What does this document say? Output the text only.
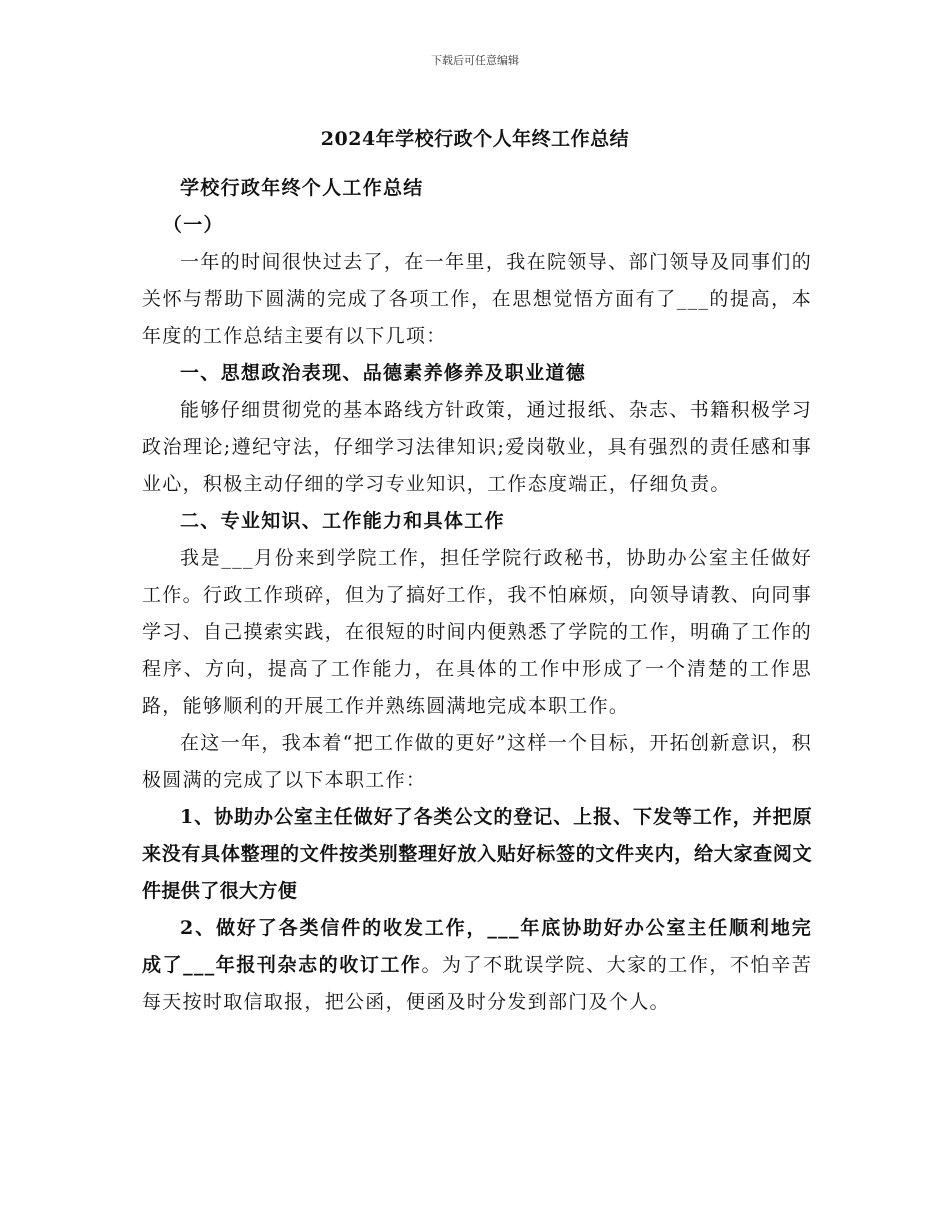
下载后可任意编辑
2024年学校行政个人年终工作总结

学校行政年终个人工作总结

（一）

一年的时间很快过去了，在一年里，我在院领导、部门领导及同事们的关怀与帮助下圆满的完成了各项工作，在思想觉悟方面有了___的提高，本年度的工作总结主要有以下几项：

一、思想政治表现、品德素养修养及职业道德

能够仔细贯彻党的基本路线方针政策，通过报纸、杂志、书籍积极学习政治理论;遵纪守法，仔细学习法律知识;爱岗敬业，具有强烈的责任感和事业心，积极主动仔细的学习专业知识，工作态度端正，仔细负责。

二、专业知识、工作能力和具体工作

我是___月份来到学院工作，担任学院行政秘书，协助办公室主任做好工作。行政工作琐碎，但为了搞好工作，我不怕麻烦，向领导请教、向同事学习、自己摸索实践，在很短的时间内便熟悉了学院的工作，明确了工作的程序、方向，提高了工作能力，在具体的工作中形成了一个清楚的工作思路，能够顺利的开展工作并熟练圆满地完成本职工作。

在这一年，我本着“把工作做的更好”这样一个目标，开拓创新意识，积极圆满的完成了以下本职工作：

1、协助办公室主任做好了各类公文的登记、上报、下发等工作，并把原来没有具体整理的文件按类别整理好放入贴好标签的文件夹内，给大家查阅文件提供了很大方便

2、做好了各类信件的收发工作，___年底协助好办公室主任顺利地完成了___年报刊杂志的收订工作。为了不耽误学院、大家的工作，不怕辛苦每天按时取信取报，把公函，便函及时分发到部门及个人。
